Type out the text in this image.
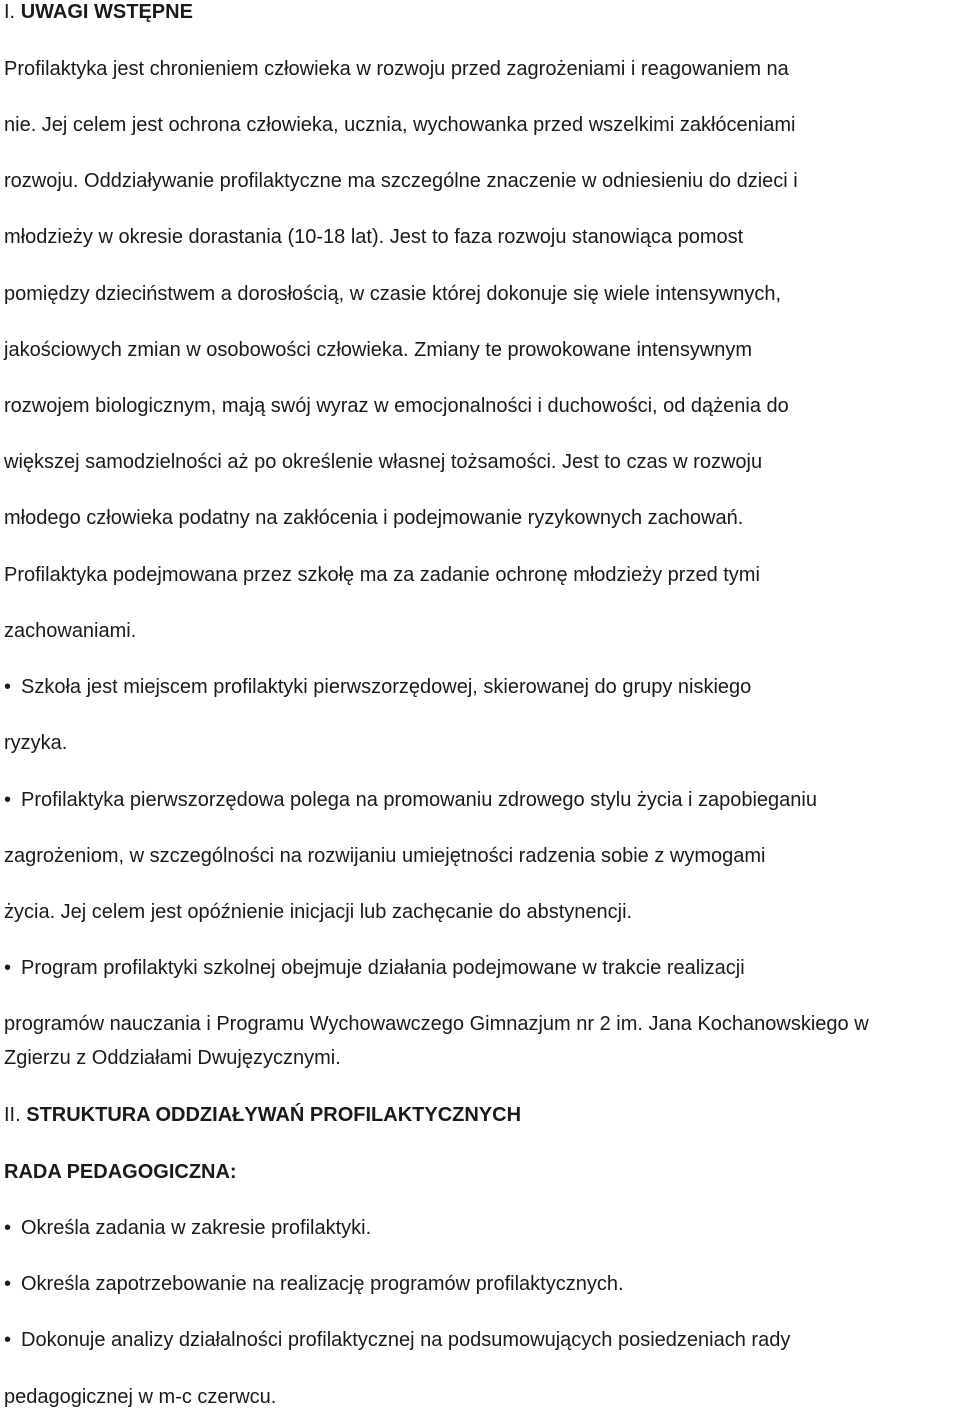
I. UWAGI WSTĘPNE
Profilaktyka jest chronieniem człowieka w rozwoju przed zagrożeniami i reagowaniem na
nie. Jej celem jest ochrona człowieka, ucznia, wychowanka przed wszelkimi zakłóceniami
rozwoju. Oddziaływanie profilaktyczne ma szczególne znaczenie w odniesieniu do dzieci i
młodzieży w okresie dorastania (10-18 lat). Jest to faza rozwoju stanowiąca pomost
pomiędzy dzieciństwem a dorosłością, w czasie której dokonuje się wiele intensywnych,
jakościowych zmian w osobowości człowieka. Zmiany te prowokowane intensywnym
rozwojem biologicznym, mają swój wyraz w emocjonalności i duchowości, od dążenia do
większej samodzielności aż po określenie własnej tożsamości. Jest to czas w rozwoju
młodego człowieka podatny na zakłócenia i podejmowanie ryzykownych zachowań.
Profilaktyka podejmowana przez szkołę ma za zadanie ochronę młodzieży przed tymi
zachowaniami.
• Szkoła jest miejscem profilaktyki pierwszorzędowej, skierowanej do grupy niskiego
ryzyka.
• Profilaktyka pierwszorzędowa polega na promowaniu zdrowego stylu życia i zapobieganiu
zagrożeniom, w szczególności na rozwijaniu umiejętności radzenia sobie z wymogami
życia. Jej celem jest opóźnienie inicjacji lub zachęcanie do abstynencji.
• Program profilaktyki szkolnej obejmuje działania podejmowane w trakcie realizacji
programów nauczania i Programu Wychowawczego Gimnazjum nr 2 im. Jana Kochanowskiego w
Zgierzu z Oddziałami Dwujęzycznymi.
II. STRUKTURA ODDZIAŁYWAŃ PROFILAKTYCZNYCH
RADA PEDAGOGICZNA:
• Określa zadania w zakresie profilaktyki.
• Określa zapotrzebowanie na realizację programów profilaktycznych.
• Dokonuje analizy działalności profilaktycznej na podsumowujących posiedzeniach rady
pedagogicznej w m-c czerwcu.
